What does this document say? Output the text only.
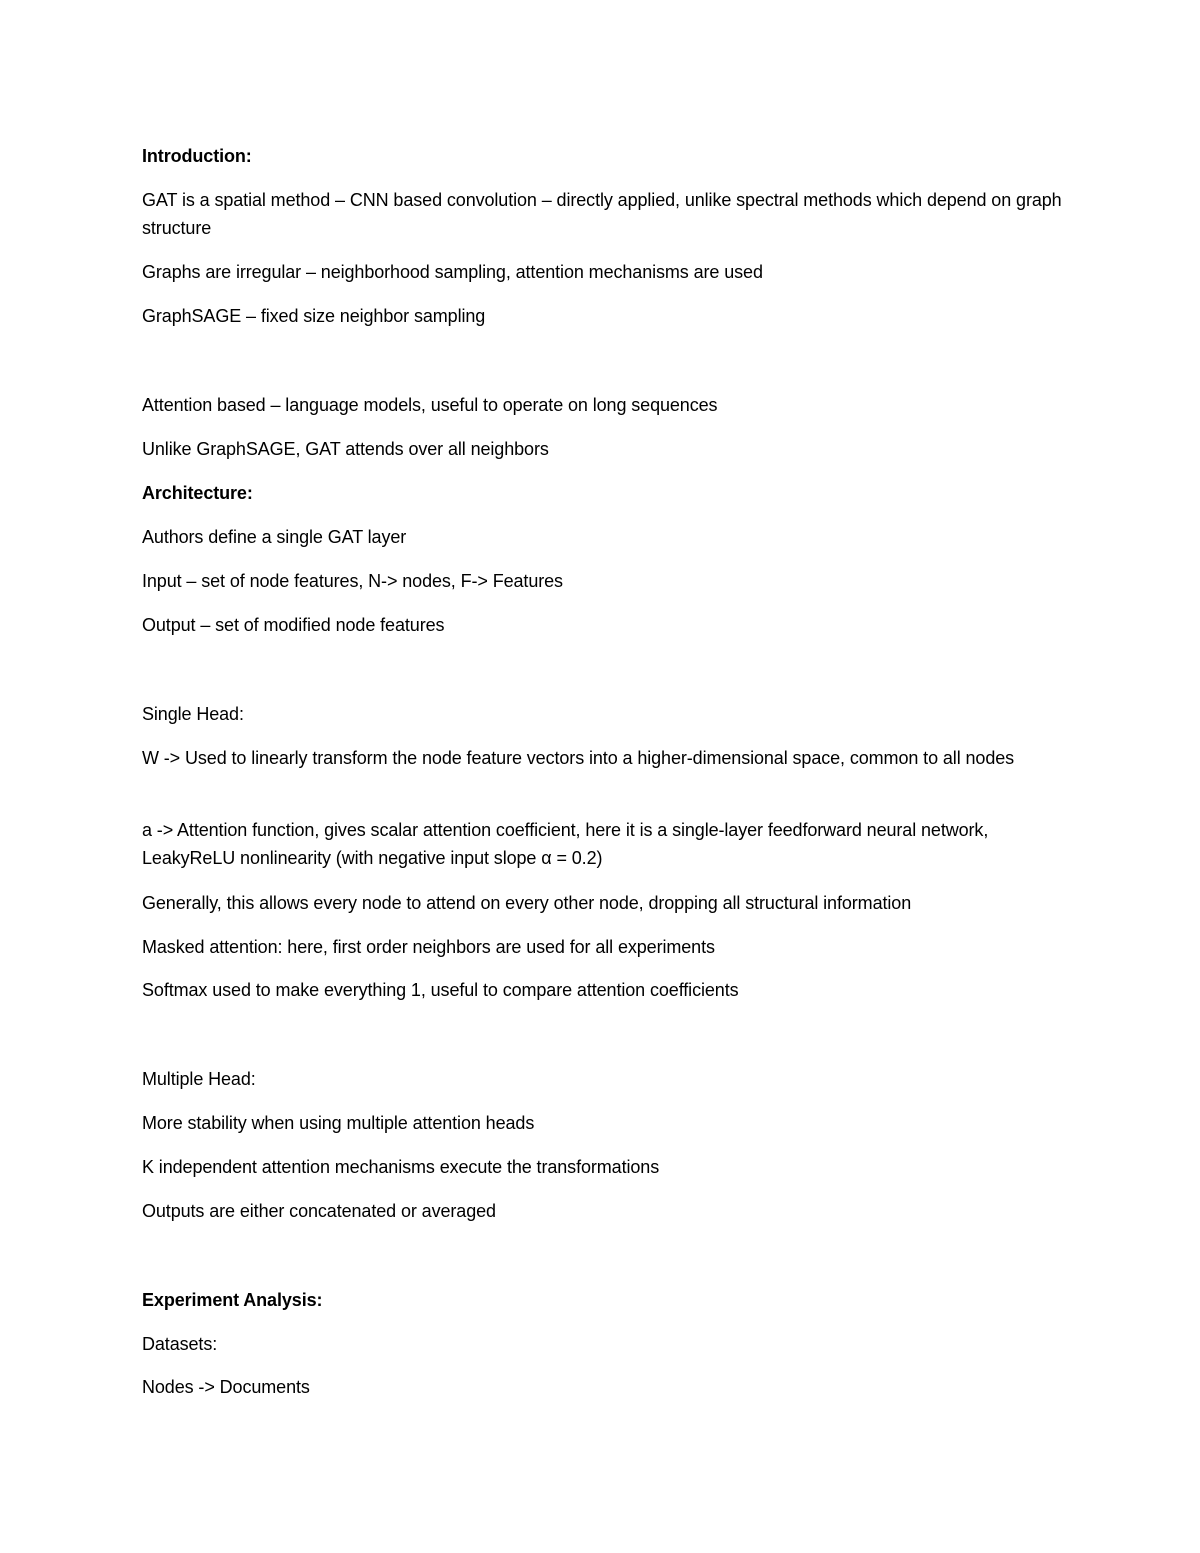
Introduction:

GAT is a spatial method – CNN based convolution – directly applied, unlike spectral methods which depend on graph structure

Graphs are irregular – neighborhood sampling, attention mechanisms are used

GraphSAGE – fixed size neighbor sampling

Attention based – language models, useful to operate on long sequences

Unlike GraphSAGE, GAT attends over all neighbors

Architecture:

Authors define a single GAT layer

Input – set of node features, N-> nodes, F-> Features

Output – set of modified node features

Single Head:

W -> Used to linearly transform the node feature vectors into a higher-dimensional space, common to all nodes

a -> Attention function, gives scalar attention coefficient, here it is a single-layer feedforward neural network, LeakyReLU nonlinearity (with negative input slope α = 0.2)

Generally, this allows every node to attend on every other node, dropping all structural information

Masked attention: here, first order neighbors are used for all experiments

Softmax used to make everything 1, useful to compare attention coefficients

Multiple Head:

More stability when using multiple attention heads

K independent attention mechanisms execute the transformations

Outputs are either concatenated or averaged

Experiment Analysis:

Datasets:

Nodes -> Documents
